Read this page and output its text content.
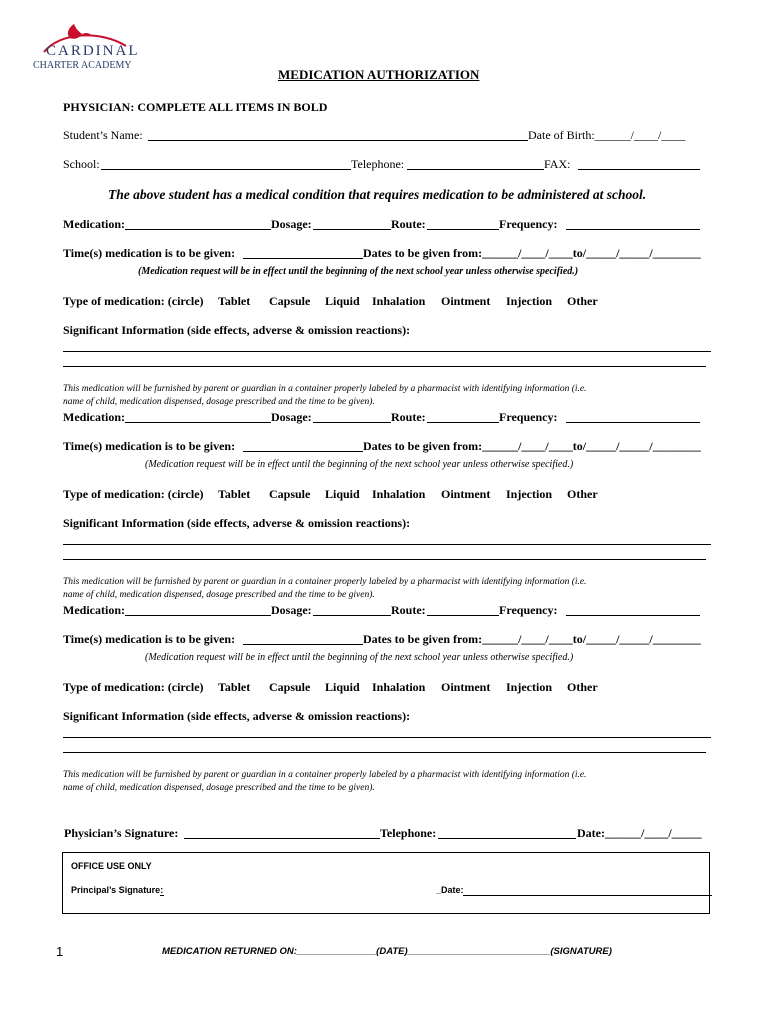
CARDINAL
CHARTER ACADEMY
MEDICATION AUTHORIZATION
PHYSICIAN: COMPLETE ALL ITEMS IN BOLD
Student’s Name:	Date of Birth:______/____/____
School:	Telephone:	FAX:
The above student has a medical condition that requires medication to be administered at school.
Medication:	Dosage:	Route:	Frequency:
Time(s) medication is to be given:	Dates to be given from:______/____/____to/_____/_____/________
(Medication request will be in effect until the beginning of the next school year unless otherwise specified.)
Type of medication: (circle)
Significant Information (side effects, adverse & omission reactions):
This medication will be furnished by parent or guardian in a container properly labeled by a pharmacist with identifying information (i.e.
name of child, medication dispensed, dosage prescribed and the time to be given).
Tablet Capsule Liquid Inhalation Ointment Injection Other
Medication:	Dosage:	Route:	Frequency:
Time(s) medication is to be given:	Dates to be given from:______/____/____to/_____/_____/________
(Medication request will be in effect until the beginning of the next school year unless otherwise specified.)
Type of medication: (circle)
Significant Information (side effects, adverse & omission reactions):
This medication will be furnished by parent or guardian in a container properly labeled by a pharmacist with identifying information (i.e.
name of child, medication dispensed, dosage prescribed and the time to be given).
Tablet Capsule Liquid Inhalation Ointment Injection Other
Medication:	Dosage:	Route:	Frequency:
Time(s) medication is to be given:	Dates to be given from:______/____/____to/_____/_____/________
(Medication request will be in effect until the beginning of the next school year unless otherwise specified.)
Type of medication: (circle)
Significant Information (side effects, adverse & omission reactions):
This medication will be furnished by parent or guardian in a container properly labeled by a pharmacist with identifying information (i.e.
name of child, medication dispensed, dosage prescribed and the time to be given).
Tablet Capsule Liquid Inhalation Ointment Injection Other
Physician’s Signature:	Telephone:	Date:______/____/_____
OFFICE USE ONLY
Principal’s Signature:	_Date:
1	MEDICATION RETURNED ON:_______________(DATE)___________________________(SIGNATURE)
